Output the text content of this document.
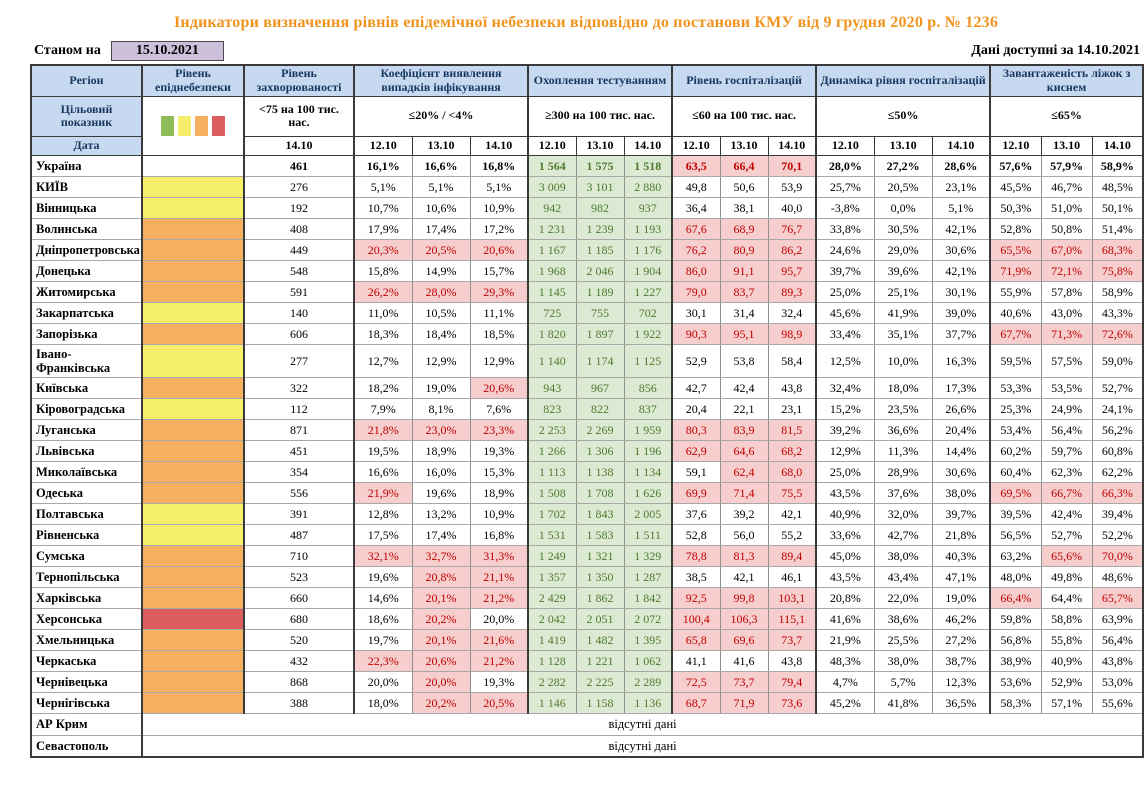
Індикатори визначення рівнів епідемічної небезпеки відповідно до постанови КМУ від 9 грудня 2020 р. № 1236
Станом на	15.10.2021	Дані доступні за 14.10.2021
Регіон	Рівень епіднебезпеки	Рівень захворюваності	Коефіцієнт виявлення випадків інфікування			Охоплення тестуванням			Рівень госпіталізацій			Динаміка рівня госпіталізацій			Завантаженість ліжок з киснем		
Цільовий показник		<75 на 100 тис. нас.	≤20% / <4%			≥300 на 100 тис. нас.			≤60 на 100 тис. нас.			≤50%			≤65%		
Дата		14.10	12.10	13.10	14.10	12.10	13.10	14.10	12.10	13.10	14.10	12.10	13.10	14.10	12.10	13.10	14.10
Україна		461	16,1%	16,6%	16,8%	1 564	1 575	1 518	63,5	66,4	70,1	28,0%	27,2%	28,6%	57,6%	57,9%	58,9%
КИЇВ		276	5,1%	5,1%	5,1%	3 009	3 101	2 880	49,8	50,6	53,9	25,7%	20,5%	23,1%	45,5%	46,7%	48,5%
Вінницька		192	10,7%	10,6%	10,9%	942	982	937	36,4	38,1	40,0	-3,8%	0,0%	5,1%	50,3%	51,0%	50,1%
Волинська		408	17,9%	17,4%	17,2%	1 231	1 239	1 193	67,6	68,9	76,7	33,8%	30,5%	42,1%	52,8%	50,8%	51,4%
Дніпропетровська		449	20,3%	20,5%	20,6%	1 167	1 185	1 176	76,2	80,9	86,2	24,6%	29,0%	30,6%	65,5%	67,0%	68,3%
Донецька		548	15,8%	14,9%	15,7%	1 968	2 046	1 904	86,0	91,1	95,7	39,7%	39,6%	42,1%	71,9%	72,1%	75,8%
Житомирська		591	26,2%	28,0%	29,3%	1 145	1 189	1 227	79,0	83,7	89,3	25,0%	25,1%	30,1%	55,9%	57,8%	58,9%
Закарпатська		140	11,0%	10,5%	11,1%	725	755	702	30,1	31,4	32,4	45,6%	41,9%	39,0%	40,6%	43,0%	43,3%
Запорізька		606	18,3%	18,4%	18,5%	1 820	1 897	1 922	90,3	95,1	98,9	33,4%	35,1%	37,7%	67,7%	71,3%	72,6%
Івано-Франківська		277	12,7%	12,9%	12,9%	1 140	1 174	1 125	52,9	53,8	58,4	12,5%	10,0%	16,3%	59,5%	57,5%	59,0%
Київська		322	18,2%	19,0%	20,6%	943	967	856	42,7	42,4	43,8	32,4%	18,0%	17,3%	53,3%	53,5%	52,7%
Кіровоградська		112	7,9%	8,1%	7,6%	823	822	837	20,4	22,1	23,1	15,2%	23,5%	26,6%	25,3%	24,9%	24,1%
Луганська		871	21,8%	23,0%	23,3%	2 253	2 269	1 959	80,3	83,9	81,5	39,2%	36,6%	20,4%	53,4%	56,4%	56,2%
Львівська		451	19,5%	18,9%	19,3%	1 266	1 306	1 196	62,9	64,6	68,2	12,9%	11,3%	14,4%	60,2%	59,7%	60,8%
Миколаївська		354	16,6%	16,0%	15,3%	1 113	1 138	1 134	59,1	62,4	68,0	25,0%	28,9%	30,6%	60,4%	62,3%	62,2%
Одеська		556	21,9%	19,6%	18,9%	1 508	1 708	1 626	69,9	71,4	75,5	43,5%	37,6%	38,0%	69,5%	66,7%	66,3%
Полтавська		391	12,8%	13,2%	10,9%	1 702	1 843	2 005	37,6	39,2	42,1	40,9%	32,0%	39,7%	39,5%	42,4%	39,4%
Рівненська		487	17,5%	17,4%	16,8%	1 531	1 583	1 511	52,8	56,0	55,2	33,6%	42,7%	21,8%	56,5%	52,7%	52,2%
Сумська		710	32,1%	32,7%	31,3%	1 249	1 321	1 329	78,8	81,3	89,4	45,0%	38,0%	40,3%	63,2%	65,6%	70,0%
Тернопільська		523	19,6%	20,8%	21,1%	1 357	1 350	1 287	38,5	42,1	46,1	43,5%	43,4%	47,1%	48,0%	49,8%	48,6%
Харківська		660	14,6%	20,1%	21,2%	2 429	1 862	1 842	92,5	99,8	103,1	20,8%	22,0%	19,0%	66,4%	64,4%	65,7%
Херсонська		680	18,6%	20,2%	20,0%	2 042	2 051	2 072	100,4	106,3	115,1	41,6%	38,6%	46,2%	59,8%	58,8%	63,9%
Хмельницька		520	19,7%	20,1%	21,6%	1 419	1 482	1 395	65,8	69,6	73,7	21,9%	25,5%	27,2%	56,8%	55,8%	56,4%
Черкаська		432	22,3%	20,6%	21,2%	1 128	1 221	1 062	41,1	41,6	43,8	48,3%	38,0%	38,7%	38,9%	40,9%	43,8%
Чернівецька		868	20,0%	20,0%	19,3%	2 282	2 225	2 289	72,5	73,7	79,4	4,7%	5,7%	12,3%	53,6%	52,9%	53,0%
Чернігівська		388	18,0%	20,2%	20,5%	1 146	1 158	1 136	68,7	71,9	73,6	45,2%	41,8%	36,5%	58,3%	57,1%	55,6%
АР Крим	відсутні дані																
Севастополь	відсутні дані																
